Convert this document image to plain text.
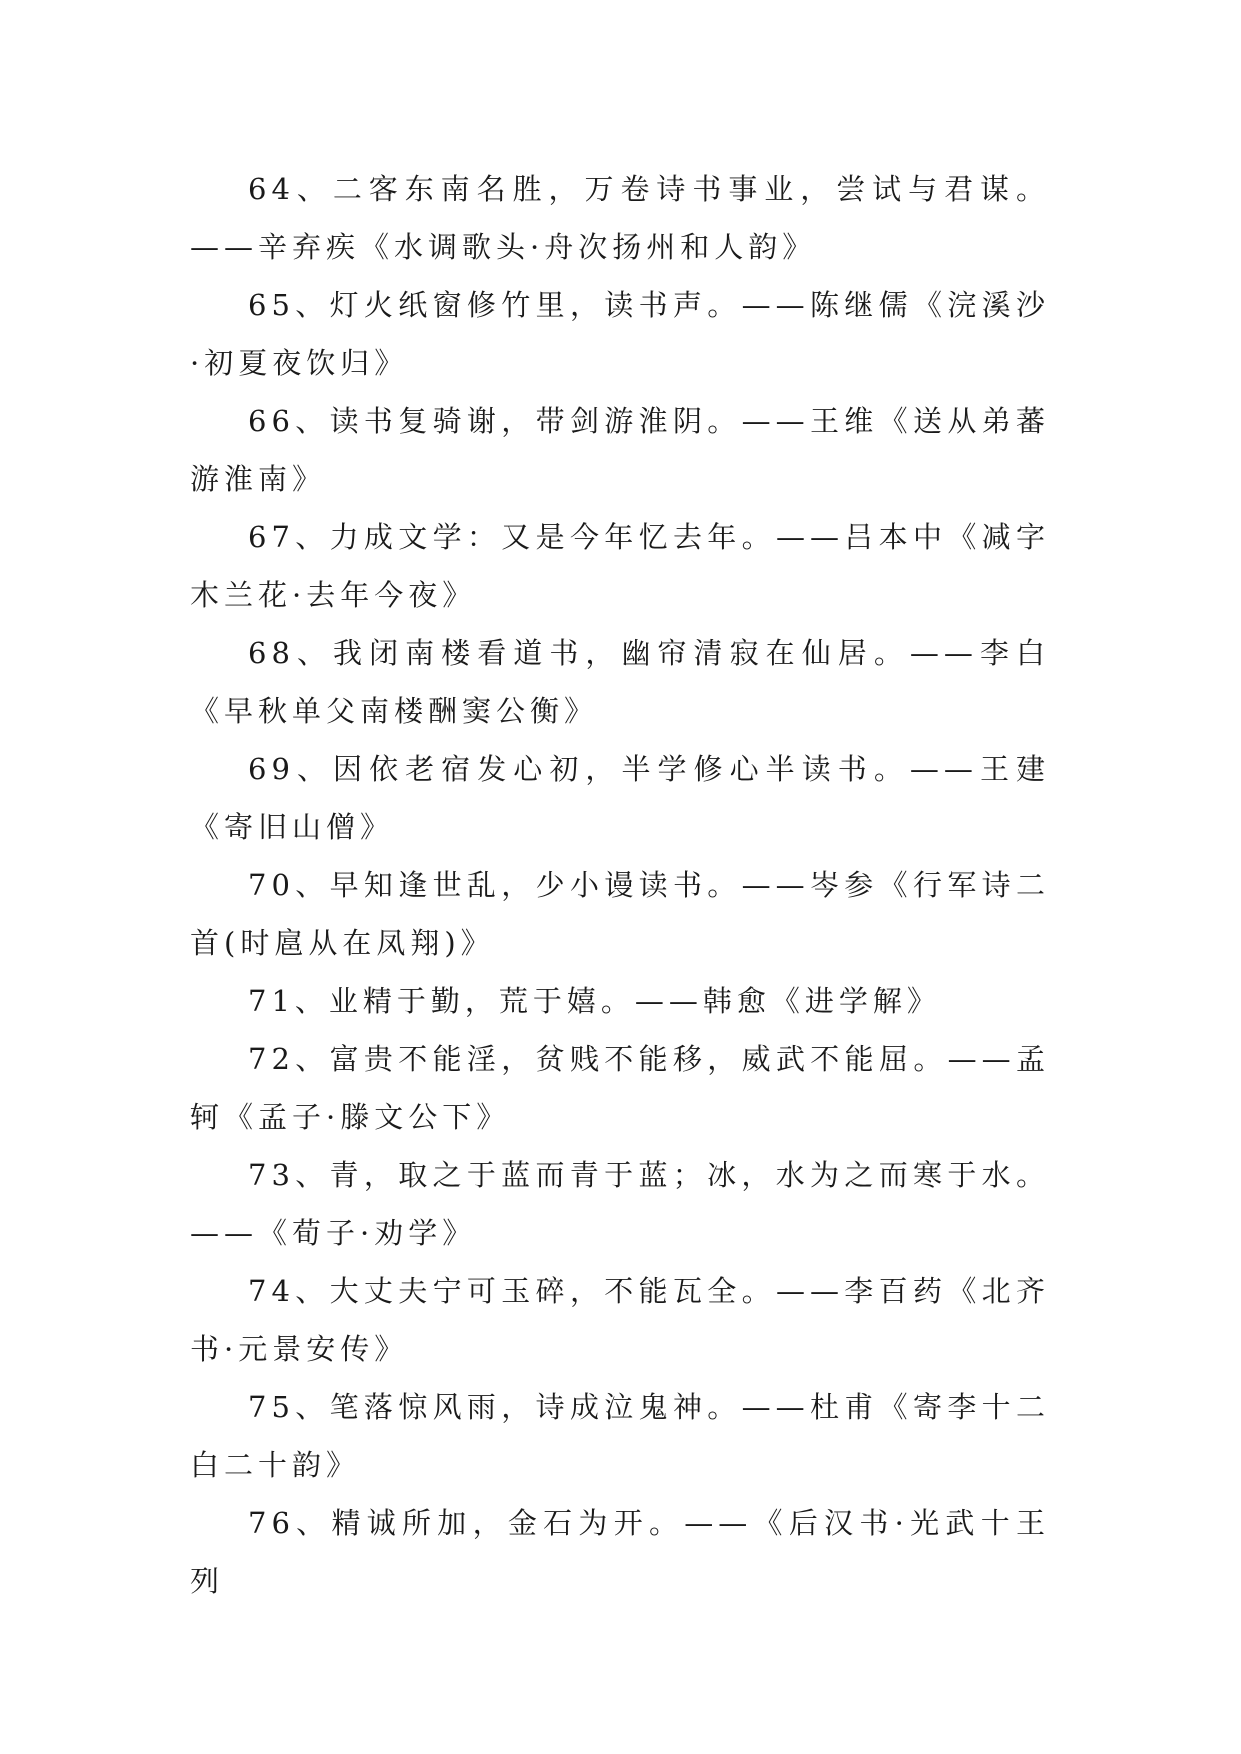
64、二客东南名胜，万卷诗书事业，尝试与君谋。——辛弃疾《水调歌头·舟次扬州和人韵》

65、灯火纸窗修竹里，读书声。——陈继儒《浣溪沙·初夏夜饮归》

66、读书复骑谢，带剑游淮阴。——王维《送从弟蕃游淮南》

67、力成文学：又是今年忆去年。——吕本中《减字木兰花·去年今夜》

68、我闭南楼看道书，幽帘清寂在仙居。——李白《早秋单父南楼酬窦公衡》

69、因依老宿发心初，半学修心半读书。——王建《寄旧山僧》

70、早知逢世乱，少小谩读书。——岑参《行军诗二首(时扈从在凤翔)》

71、业精于勤，荒于嬉。——韩愈《进学解》

72、富贵不能淫，贫贱不能移，威武不能屈。——孟轲《孟子·滕文公下》

73、青，取之于蓝而青于蓝；冰，水为之而寒于水。——《荀子·劝学》

74、大丈夫宁可玉碎，不能瓦全。——李百药《北齐书·元景安传》

75、笔落惊风雨，诗成泣鬼神。——杜甫《寄李十二白二十韵》

76、精诚所加，金石为开。——《后汉书·光武十王列
